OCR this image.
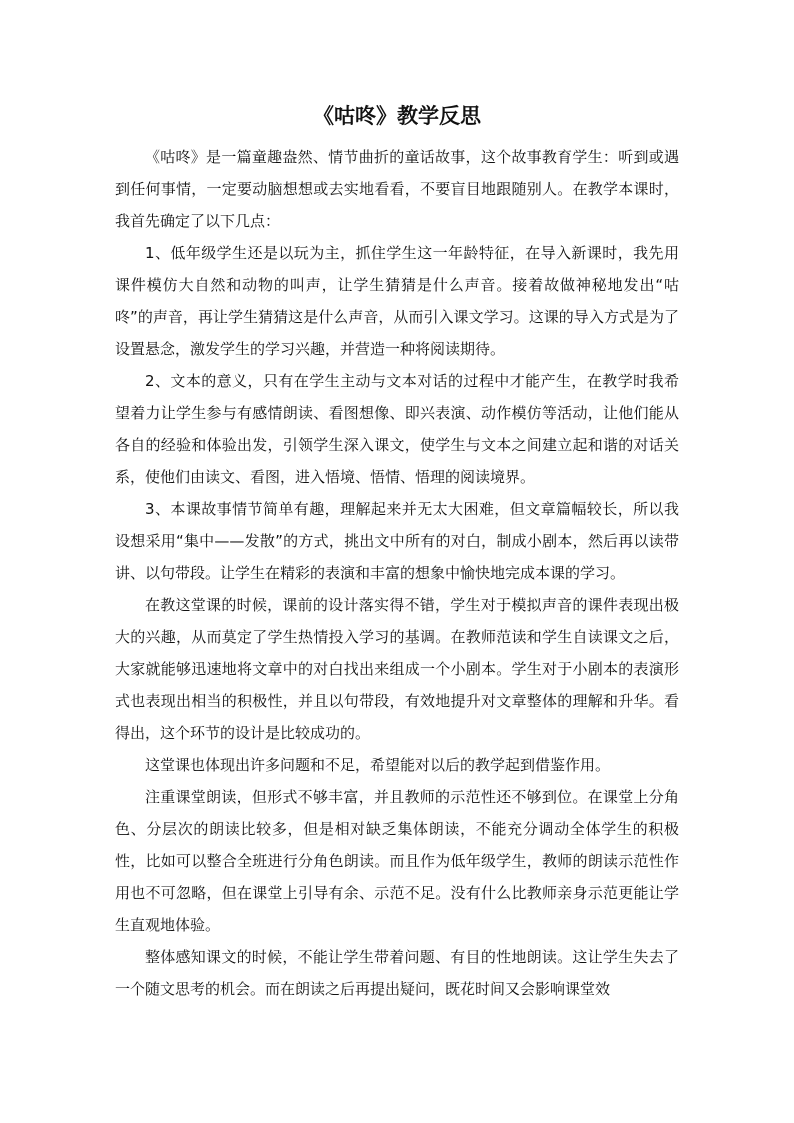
《咕咚》教学反思

《咕咚》是一篇童趣盎然、情节曲折的童话故事，这个故事教育学生：听到或遇到任何事情，一定要动脑想想或去实地看看，不要盲目地跟随别人。在教学本课时，我首先确定了以下几点：

1、低年级学生还是以玩为主，抓住学生这一年龄特征，在导入新课时，我先用课件模仿大自然和动物的叫声，让学生猜猜是什么声音。接着故做神秘地发出“咕咚”的声音，再让学生猜猜这是什么声音，从而引入课文学习。这课的导入方式是为了设置悬念，激发学生的学习兴趣，并营造一种将阅读期待。

2、文本的意义，只有在学生主动与文本对话的过程中才能产生，在教学时我希望着力让学生参与有感情朗读、看图想像、即兴表演、动作模仿等活动，让他们能从各自的经验和体验出发，引领学生深入课文，使学生与文本之间建立起和谐的对话关系，使他们由读文、看图，进入悟境、悟情、悟理的阅读境界。

3、本课故事情节简单有趣，理解起来并无太大困难，但文章篇幅较长，所以我设想采用“集中——发散”的方式，挑出文中所有的对白，制成小剧本，然后再以读带讲、以句带段。让学生在精彩的表演和丰富的想象中愉快地完成本课的学习。

在教这堂课的时候，课前的设计落实得不错，学生对于模拟声音的课件表现出极大的兴趣，从而莫定了学生热情投入学习的基调。在教师范读和学生自读课文之后，大家就能够迅速地将文章中的对白找出来组成一个小剧本。学生对于小剧本的表演形式也表现出相当的积极性，并且以句带段，有效地提升对文章整体的理解和升华。看得出，这个环节的设计是比较成功的。

这堂课也体现出许多问题和不足，希望能对以后的教学起到借鉴作用。

注重课堂朗读，但形式不够丰富，并且教师的示范性还不够到位。在课堂上分角色、分层次的朗读比较多，但是相对缺乏集体朗读，不能充分调动全体学生的积极性，比如可以整合全班进行分角色朗读。而且作为低年级学生，教师的朗读示范性作用也不可忽略，但在课堂上引导有余、示范不足。没有什么比教师亲身示范更能让学生直观地体验。

整体感知课文的时候，不能让学生带着问题、有目的性地朗读。这让学生失去了一个随文思考的机会。而在朗读之后再提出疑问，既花时间又会影响课堂效
